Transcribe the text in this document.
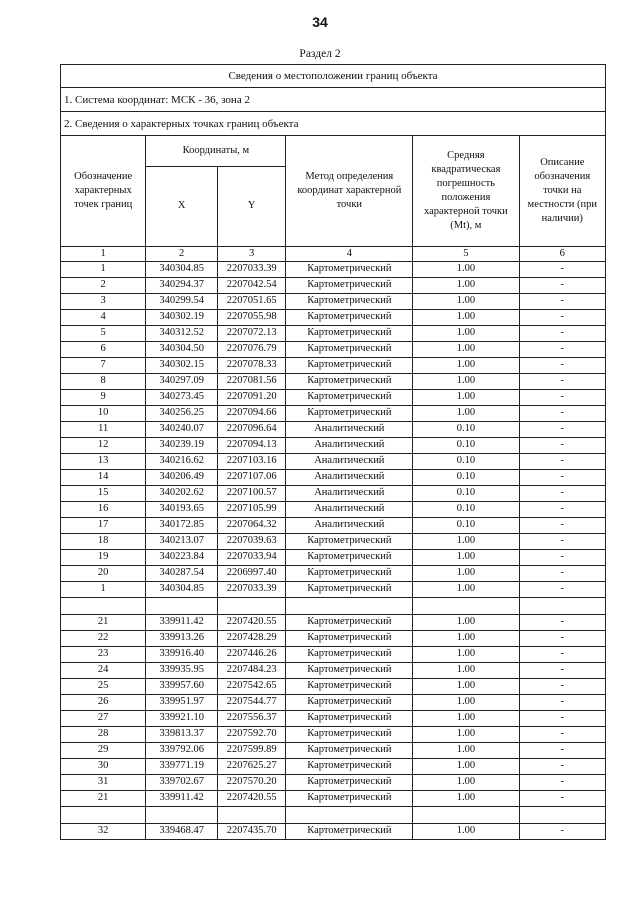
34
Раздел 2
Сведения о местоположении границ объекта
1. Система координат: МСК - 36, зона 2
2. Сведения о характерных точках границ объекта
Обозначение характерных точек границ	Координаты, м		Метод определения координат характерной точки	Средняя квадратическая погрешность положения характерной точки (Mt), м	Описание обозначения точки на местности (при наличии)
	X	Y			
1	2	3	4	5	6
1	340304.85	2207033.39	Картометрический	1.00	-
2	340294.37	2207042.54	Картометрический	1.00	-
3	340299.54	2207051.65	Картометрический	1.00	-
4	340302.19	2207055.98	Картометрический	1.00	-
5	340312.52	2207072.13	Картометрический	1.00	-
6	340304.50	2207076.79	Картометрический	1.00	-
7	340302.15	2207078.33	Картометрический	1.00	-
8	340297.09	2207081.56	Картометрический	1.00	-
9	340273.45	2207091.20	Картометрический	1.00	-
10	340256.25	2207094.66	Картометрический	1.00	-
11	340240.07	2207096.64	Аналитический	0.10	-
12	340239.19	2207094.13	Аналитический	0.10	-
13	340216.62	2207103.16	Аналитический	0.10	-
14	340206.49	2207107.06	Аналитический	0.10	-
15	340202.62	2207100.57	Аналитический	0.10	-
16	340193.65	2207105.99	Аналитический	0.10	-
17	340172.85	2207064.32	Аналитический	0.10	-
18	340213.07	2207039.63	Картометрический	1.00	-
19	340223.84	2207033.94	Картометрический	1.00	-
20	340287.54	2206997.40	Картометрический	1.00	-
1	340304.85	2207033.39	Картометрический	1.00	-

21	339911.42	2207420.55	Картометрический	1.00	-
22	339913.26	2207428.29	Картометрический	1.00	-
23	339916.40	2207446.26	Картометрический	1.00	-
24	339935.95	2207484.23	Картометрический	1.00	-
25	339957.60	2207542.65	Картометрический	1.00	-
26	339951.97	2207544.77	Картометрический	1.00	-
27	339921.10	2207556.37	Картометрический	1.00	-
28	339813.37	2207592.70	Картометрический	1.00	-
29	339792.06	2207599.89	Картометрический	1.00	-
30	339771.19	2207625.27	Картометрический	1.00	-
31	339702.67	2207570.20	Картометрический	1.00	-
21	339911.42	2207420.55	Картометрический	1.00	-

32	339468.47	2207435.70	Картометрический	1.00	-
